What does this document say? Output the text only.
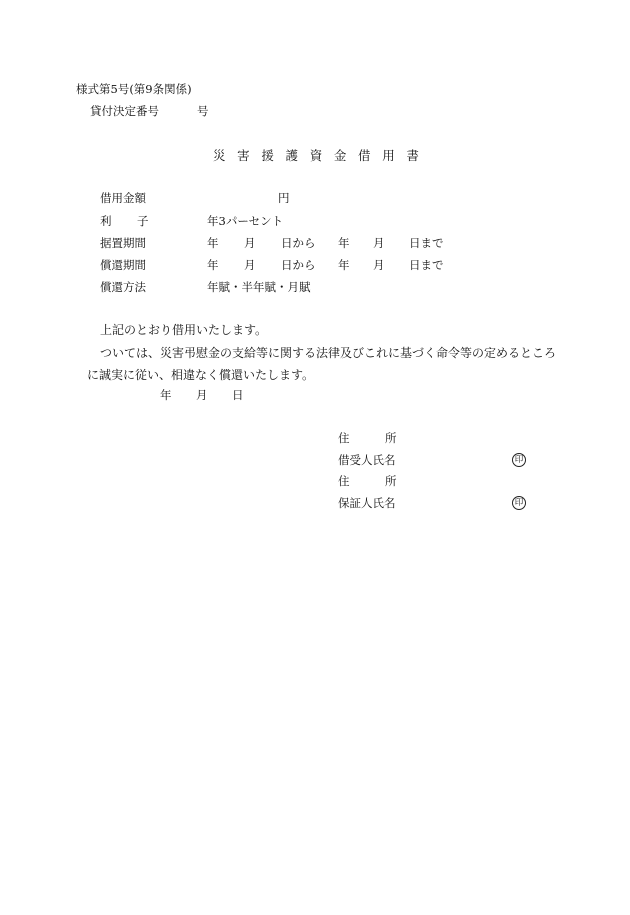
様式第5号(第9条関係)
貸付決定番号	号
災 害 援 護 資 金 借 用 書
借用金額	円
利 子	年3パーセント
据置期間	年 月 日から 年 月 日まで
償還期間	年 月 日から 年 月 日まで
償還方法	年賦・半年賦・月賦
上記のとおり借用いたします。
ついては、災害弔慰金の支給等に関する法律及びこれに基づく命令等の定めるところ
に誠実に従い、相違なく償還いたします。
年 月 日
住	所
借受人氏名	印
住	所
保証人氏名	印
